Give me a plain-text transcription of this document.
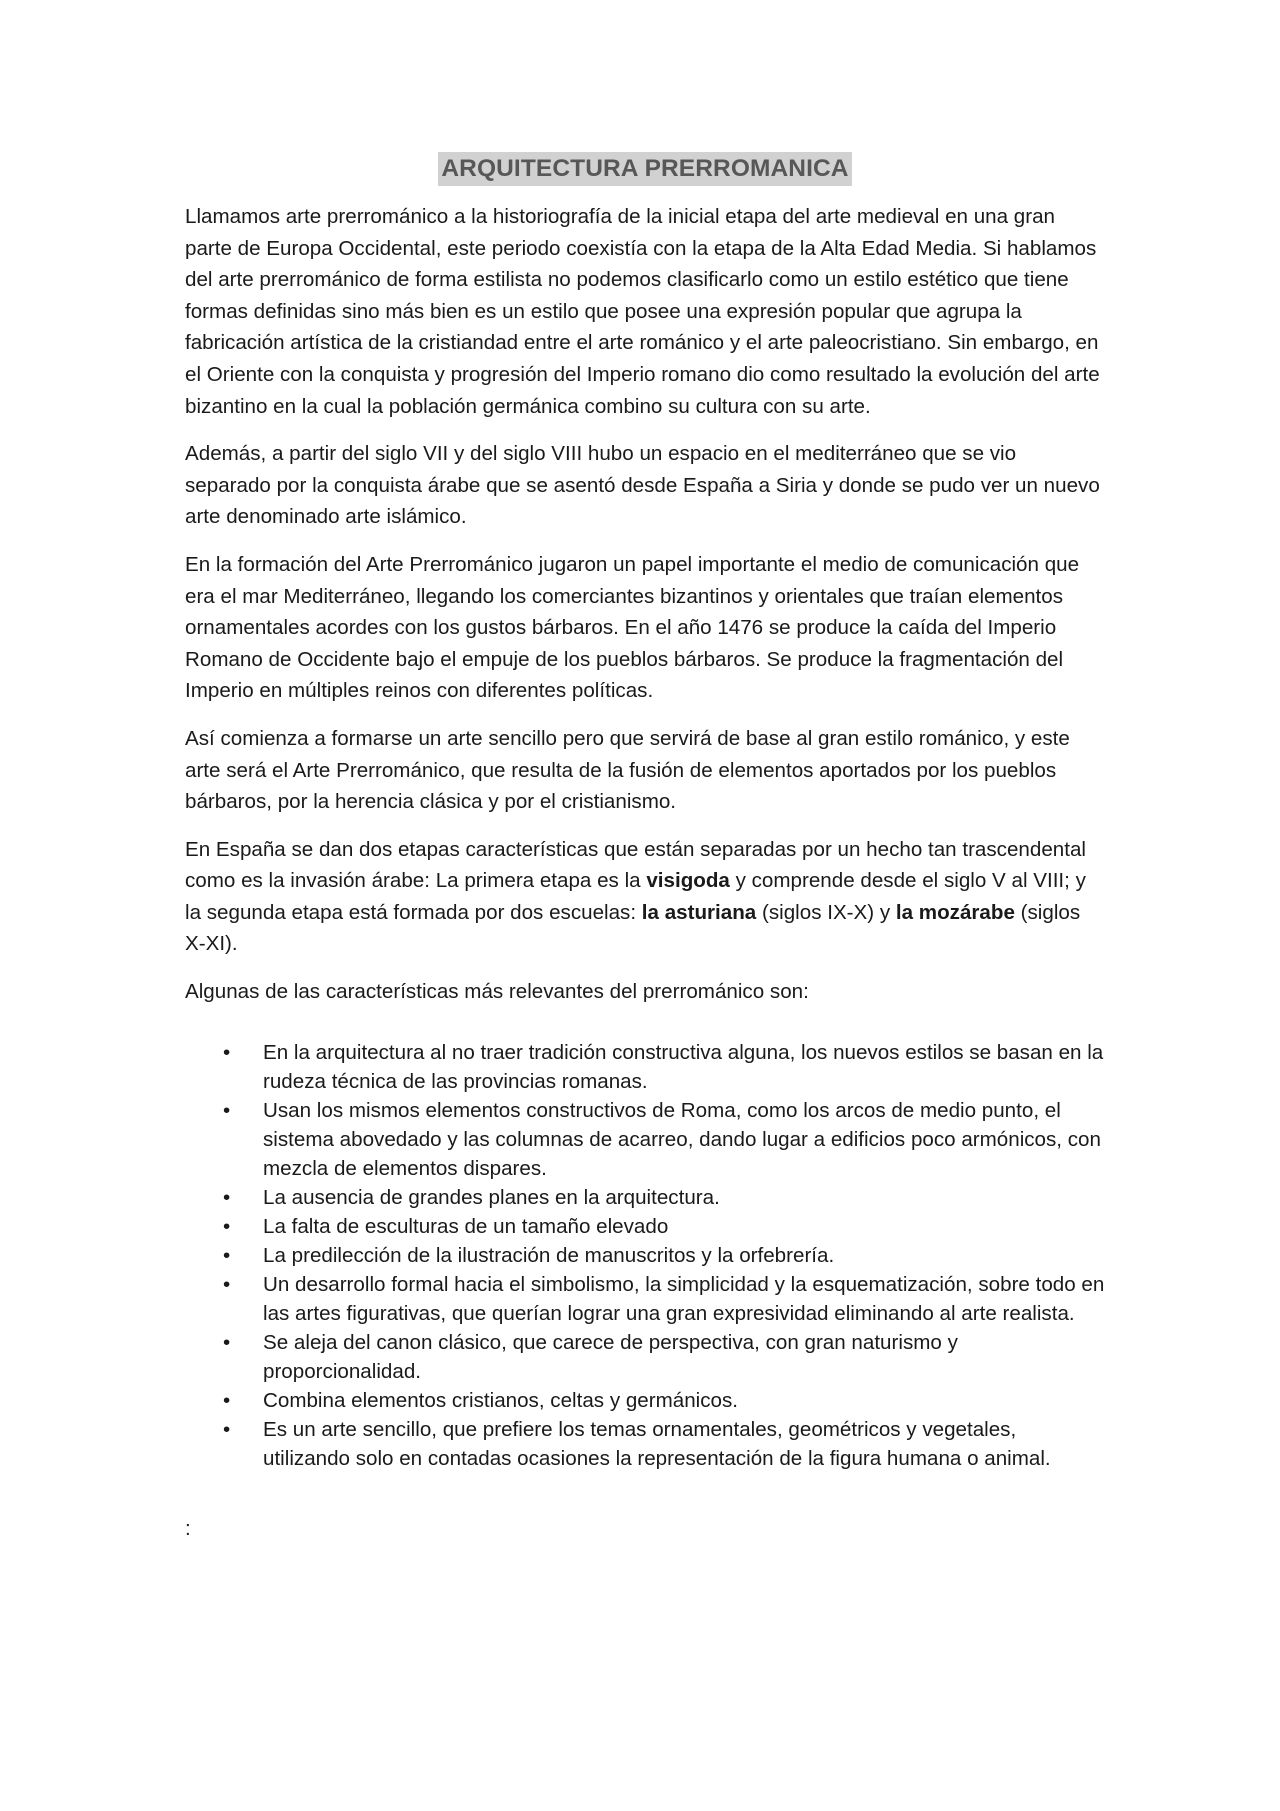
ARQUITECTURA PRERROMANICA

Llamamos arte prerrománico a la historiografía de la inicial etapa del arte medieval en una gran parte de Europa Occidental, este periodo coexistía con la etapa de la Alta Edad Media. Si hablamos del arte prerrománico de forma estilista no podemos clasificarlo como un estilo estético que tiene formas definidas sino más bien es un estilo que posee una expresión popular que agrupa la fabricación artística de la cristiandad entre el arte románico y el arte paleocristiano. Sin embargo, en el Oriente con la conquista y progresión del Imperio romano dio como resultado la evolución del arte bizantino en la cual la población germánica combino su cultura con su arte.

Además, a partir del siglo VII y del siglo VIII hubo un espacio en el mediterráneo que se vio separado por la conquista árabe que se asentó desde España a Siria y donde se pudo ver un nuevo arte denominado arte islámico.

En la formación del Arte Prerrománico jugaron un papel importante el medio de comunicación que era el mar Mediterráneo, llegando los comerciantes bizantinos y orientales que traían elementos ornamentales acordes con los gustos bárbaros. En el año 1476 se produce la caída del Imperio Romano de Occidente bajo el empuje de los pueblos bárbaros. Se produce la fragmentación del Imperio en múltiples reinos con diferentes políticas.

Así comienza a formarse un arte sencillo pero que servirá de base al gran estilo románico, y este arte será el Arte Prerrománico, que resulta de la fusión de elementos aportados por los pueblos bárbaros, por la herencia clásica y por el cristianismo.

En España se dan dos etapas características que están separadas por un hecho tan trascendental como es la invasión árabe: La primera etapa es la visigoda y comprende desde el siglo V al VIII; y la segunda etapa está formada por dos escuelas: la asturiana (siglos IX-X) y la mozárabe (siglos X-XI).

Algunas de las características más relevantes del prerrománico son:

• En la arquitectura al no traer tradición constructiva alguna, los nuevos estilos se basan en la rudeza técnica de las provincias romanas.
• Usan los mismos elementos constructivos de Roma, como los arcos de medio punto, el sistema abovedado y las columnas de acarreo, dando lugar a edificios poco armónicos, con mezcla de elementos dispares.
• La ausencia de grandes planes en la arquitectura.
• La falta de esculturas de un tamaño elevado
• La predilección de la ilustración de manuscritos y la orfebrería.
• Un desarrollo formal hacia el simbolismo, la simplicidad y la esquematización, sobre todo en las artes figurativas, que querían lograr una gran expresividad eliminando al arte realista.
• Se aleja del canon clásico, que carece de perspectiva, con gran naturismo y proporcionalidad.
• Combina elementos cristianos, celtas y germánicos.
• Es un arte sencillo, que prefiere los temas ornamentales, geométricos y vegetales, utilizando solo en contadas ocasiones la representación de la figura humana o animal.

:
